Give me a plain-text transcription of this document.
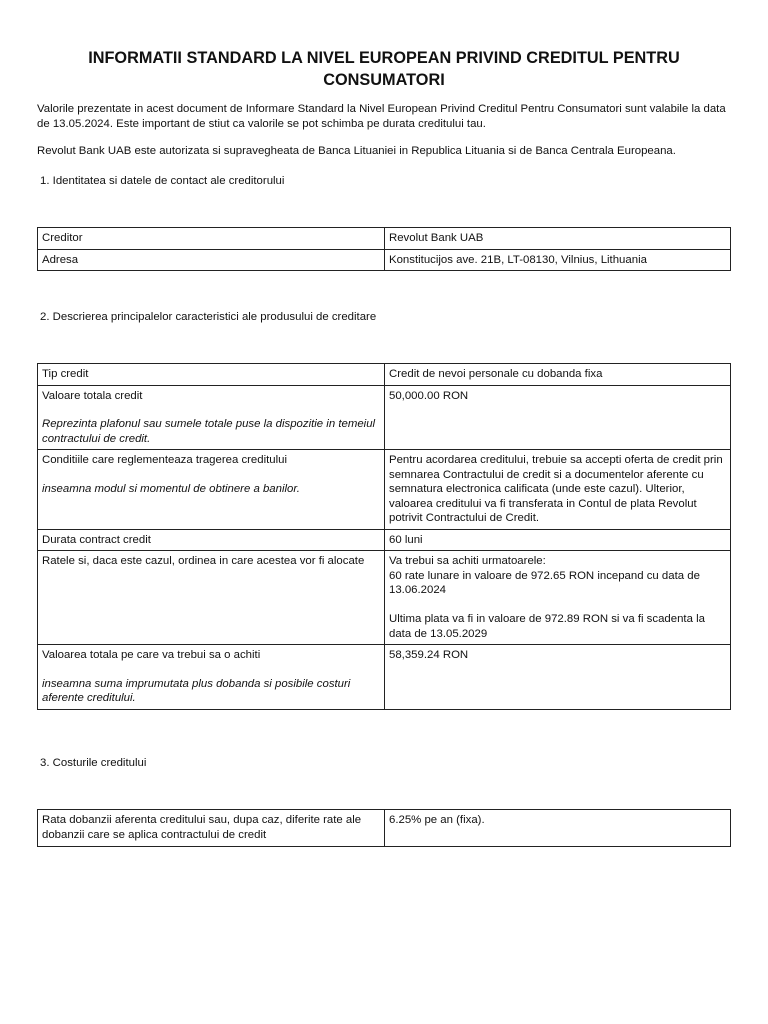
INFORMATII STANDARD LA NIVEL EUROPEAN PRIVIND CREDITUL PENTRU CONSUMATORI

Valorile prezentate in acest document de Informare Standard la Nivel European Privind Creditul Pentru Consumatori sunt valabile la data de 13.05.2024. Este important de stiut ca valorile se pot schimba pe durata creditului tau.

Revolut Bank UAB este autorizata si supravegheata de Banca Lituaniei in Republica Lituania si de Banca Centrala Europeana.

1. Identitatea si datele de contact ale creditorului

Creditor	Revolut Bank UAB
Adresa	Konstitucijos ave. 21B, LT-08130, Vilnius, Lithuania

2. Descrierea principalelor caracteristici ale produsului de creditare

Tip credit	Credit de nevoi personale cu dobanda fixa

Valoare totala credit
Reprezinta plafonul sau sumele totale puse la dispozitie in temeiul contractului de credit.	50,000.00 RON

Conditiile care reglementeaza tragerea creditului
inseamna modul si momentul de obtinere a banilor.	Pentru acordarea creditului, trebuie sa accepti oferta de credit prin semnarea Contractului de credit si a documentelor aferente cu semnatura electronica calificata (unde este cazul). Ulterior, valoarea creditului va fi transferata in Contul de plata Revolut potrivit Contractului de Credit.
Durata contract credit	60 luni
Ratele si, daca este cazul, ordinea in care acestea vor fi alocate	Va trebui sa achiti urmatoarele:
60 rate lunare in valoare de 972.65 RON incepand cu data de 13.06.2024
Ultima plata va fi in valoare de 972.89 RON si va fi scadenta la data de 13.05.2029

Valoarea totala pe care va trebui sa o achiti
inseamna suma imprumutata plus dobanda si posibile costuri aferente creditului.	58,359.24 RON

3. Costurile creditului

Rata dobanzii aferenta creditului sau, dupa caz, diferite rate ale dobanzii care se aplica contractului de credit	6.25% pe an (fixa).
